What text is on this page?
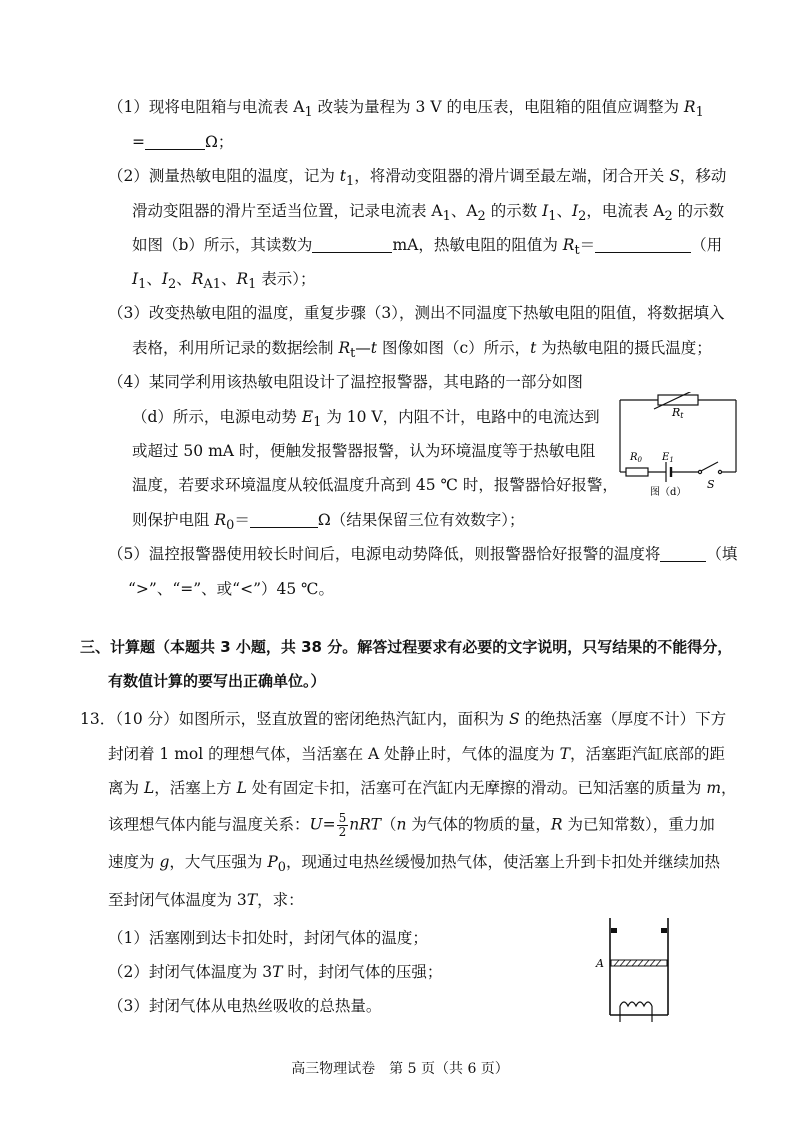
（1）现将电阻箱与电流表 $A_1$ 改装为量程为 3 V 的电压表，电阻箱的阻值应调整为 $R_1$
=	Ω；
（2）测量热敏电阻的温度，记为 $t_1$，将滑动变阻器的滑片调至最左端，闭合开关 S，移动
滑动变阻器的滑片至适当位置，记录电流表 $A_1$、$A_2$ 的示数 $I_1$、$I_2$，电流表 $A_2$ 的示数
如图（b）所示，其读数为	mA，热敏电阻的阻值为 $R_t=$	（用
$I_1$、$I_2$、$R_{A1}$、$R_1$ 表示）；
（3）改变热敏电阻的温度，重复步骤（3），测出不同温度下热敏电阻的阻值，将数据填入
表格，利用所记录的数据绘制 $R_t—t$ 图像如图（c）所示，t 为热敏电阻的摄氏温度；
（4）某同学利用该热敏电阻设计了温控报警器，其电路的一部分如图
（d）所示，电源电动势 $E_1$ 为 10 V，内阻不计，电路中的电流达到
或超过 50 mA 时，便触发报警器报警，认为环境温度等于热敏电阻
温度，若要求环境温度从较低温度升高到 45 ℃ 时，报警器恰好报警，
则保护电阻 $R_0=$	Ω（结果保留三位有效数字）；
Rt
$R_0$ $E_1$
S
图（d）
（5）温控报警器使用较长时间后，电源电动势降低，则报警器恰好报警的温度将	（填
“>”、“=”、或“<”）45 ℃。
三、计算题（本题共 3 小题，共 38 分。解答过程要求有必要的文字说明，只写结果的不能得分，
有数值计算的要写出正确单位。）
13．（10 分）如图所示，竖直放置的密闭绝热汽缸内，面积为 S 的绝热活塞（厚度不计）下方
封闭着 1 mol 的理想气体，当活塞在 A 处静止时，气体的温度为 T，活塞距汽缸底部的距
离为 L，活塞上方 L 处有固定卡扣，活塞可在汽缸内无摩擦的滑动。已知活塞的质量为 m，
该理想气体内能与温度关系：$U= \frac{5}{2} nRT(n$ 为气体的物质的量，R 为已知常数），重力加
速度为 g，大气压强为 $P_0$，现通过电热丝缓慢加热气体，使活塞上升到卡扣处并继续加热
至封闭气体温度为 3T，求：
（1）活塞刚到达卡扣处时，封闭气体的温度；
（2）封闭气体温度为 3T 时，封闭气体的压强；
（3）封闭气体从电热丝吸收的总热量。
A
高三物理试卷　第 5 页（共 6 页）
